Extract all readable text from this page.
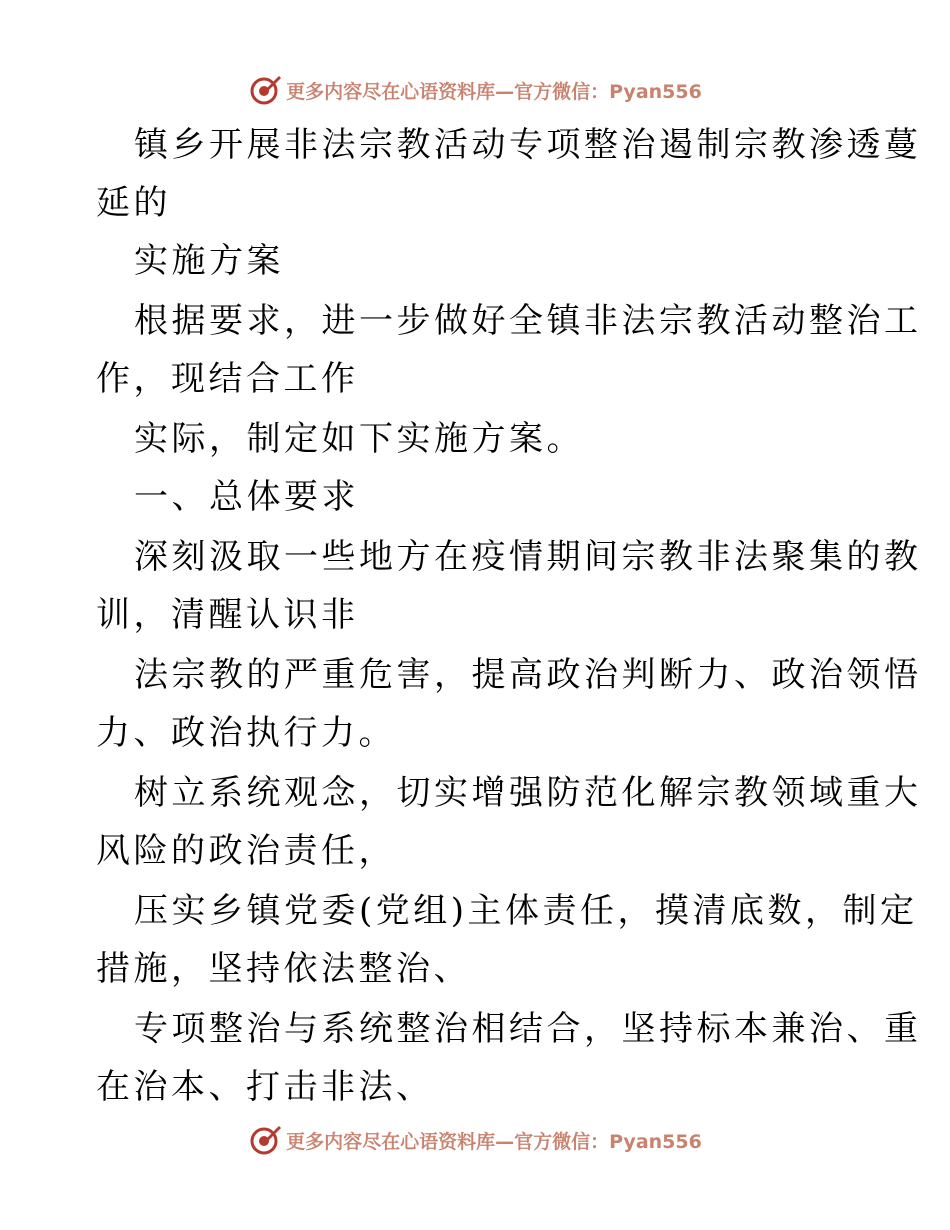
更多内容尽在心语资料库—官方微信：Pyan556
镇乡开展非法宗教活动专项整治遏制宗教渗透蔓
延的
实施方案
根据要求，进一步做好全镇非法宗教活动整治工
作，现结合工作
实际，制定如下实施方案。
一、总体要求
深刻汲取一些地方在疫情期间宗教非法聚集的教
训，清醒认识非
法宗教的严重危害，提高政治判断力、政治领悟
力、政治执行力。
树立系统观念，切实增强防范化解宗教领域重大
风险的政治责任，
压实乡镇党委(党组)主体责任，摸清底数，制定
措施，坚持依法整治、
专项整治与系统整治相结合，坚持标本兼治、重
在治本、打击非法、
更多内容尽在心语资料库—官方微信：Pyan556
